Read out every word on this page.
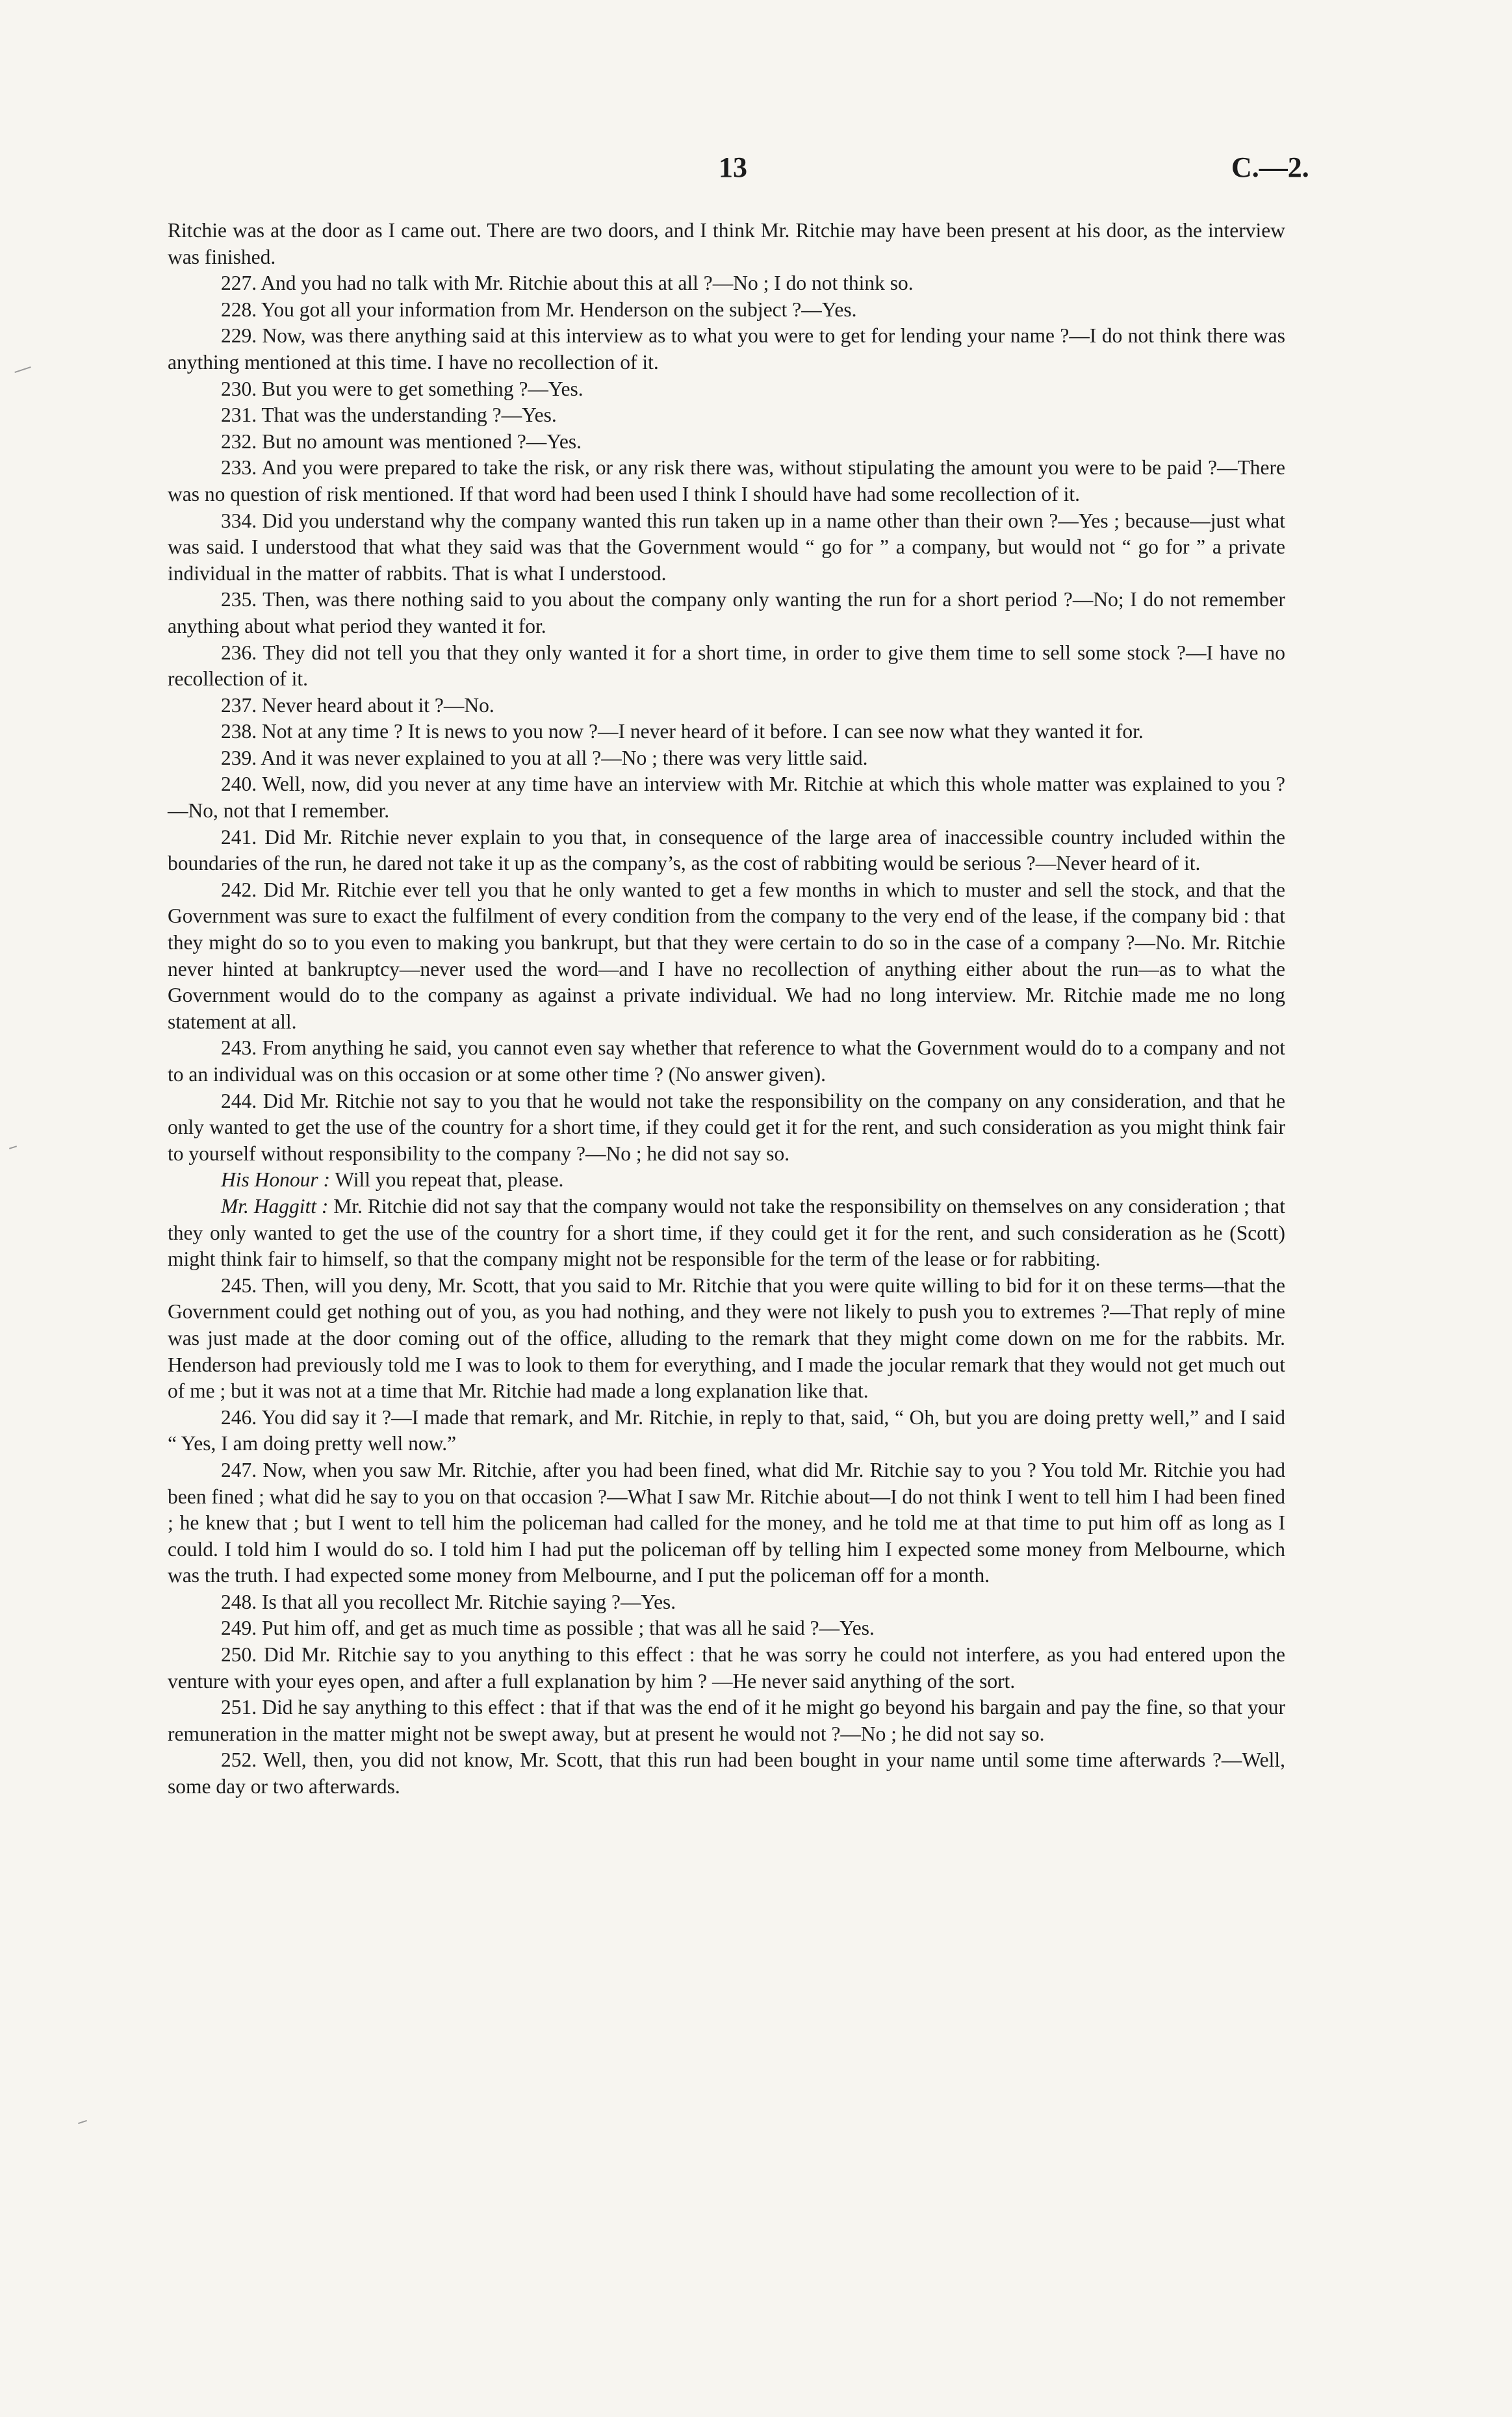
13	C.—2.

Ritchie was at the door as I came out. There are two doors, and I think Mr. Ritchie may have been present at his door, as the interview was finished.

227. And you had no talk with Mr. Ritchie about this at all ?—No ; I do not think so.

228. You got all your information from Mr. Henderson on the subject ?—Yes.

229. Now, was there anything said at this interview as to what you were to get for lending your name ?—I do not think there was anything mentioned at this time. I have no recollection of it.

230. But you were to get something ?—Yes.

231. That was the understanding ?—Yes.

232. But no amount was mentioned ?—Yes.

233. And you were prepared to take the risk, or any risk there was, without stipulating the amount you were to be paid ?—There was no question of risk mentioned. If that word had been used I think I should have had some recollection of it.

334. Did you understand why the company wanted this run taken up in a name other than their own ?—Yes ; because—just what was said. I understood that what they said was that the Government would “ go for ” a company, but would not “ go for ” a private individual in the matter of rabbits. That is what I understood.

235. Then, was there nothing said to you about the company only wanting the run for a short period ?—No; I do not remember anything about what period they wanted it for.

236. They did not tell you that they only wanted it for a short time, in order to give them time to sell some stock ?—I have no recollection of it.

237. Never heard about it ?—No.

238. Not at any time ? It is news to you now ?—I never heard of it before. I can see now what they wanted it for.

239. And it was never explained to you at all ?—No ; there was very little said.

240. Well, now, did you never at any time have an interview with Mr. Ritchie at which this whole matter was explained to you ?—No, not that I remember.

241. Did Mr. Ritchie never explain to you that, in consequence of the large area of inaccessible country included within the boundaries of the run, he dared not take it up as the company’s, as the cost of rabbiting would be serious ?—Never heard of it.

242. Did Mr. Ritchie ever tell you that he only wanted to get a few months in which to muster and sell the stock, and that the Government was sure to exact the fulfilment of every condition from the company to the very end of the lease, if the company bid : that they might do so to you even to making you bankrupt, but that they were certain to do so in the case of a company ?—No. Mr. Ritchie never hinted at bankruptcy—never used the word—and I have no recollection of anything either about the run—as to what the Government would do to the company as against a private individual. We had no long interview. Mr. Ritchie made me no long statement at all.

243. From anything he said, you cannot even say whether that reference to what the Government would do to a company and not to an individual was on this occasion or at some other time ? (No answer given).

244. Did Mr. Ritchie not say to you that he would not take the responsibility on the company on any consideration, and that he only wanted to get the use of the country for a short time, if they could get it for the rent, and such consideration as you might think fair to yourself without responsibility to the company ?—No ; he did not say so.

His Honour : Will you repeat that, please.

Mr. Haggitt : Mr. Ritchie did not say that the company would not take the responsibility on themselves on any consideration ; that they only wanted to get the use of the country for a short time, if they could get it for the rent, and such consideration as he (Scott) might think fair to himself, so that the company might not be responsible for the term of the lease or for rabbiting.

245. Then, will you deny, Mr. Scott, that you said to Mr. Ritchie that you were quite willing to bid for it on these terms—that the Government could get nothing out of you, as you had nothing, and they were not likely to push you to extremes ?—That reply of mine was just made at the door coming out of the office, alluding to the remark that they might come down on me for the rabbits. Mr. Henderson had previously told me I was to look to them for everything, and I made the jocular remark that they would not get much out of me ; but it was not at a time that Mr. Ritchie had made a long explanation like that.

246. You did say it ?—I made that remark, and Mr. Ritchie, in reply to that, said, “ Oh, but you are doing pretty well,” and I said “ Yes, I am doing pretty well now.”

247. Now, when you saw Mr. Ritchie, after you had been fined, what did Mr. Ritchie say to you ? You told Mr. Ritchie you had been fined ; what did he say to you on that occasion ?—What I saw Mr. Ritchie about—I do not think I went to tell him I had been fined ; he knew that ; but I went to tell him the policeman had called for the money, and he told me at that time to put him off as long as I could. I told him I would do so. I told him I had put the policeman off by telling him I expected some money from Melbourne, which was the truth. I had expected some money from Melbourne, and I put the policeman off for a month.

248. Is that all you recollect Mr. Ritchie saying ?—Yes.

249. Put him off, and get as much time as possible ; that was all he said ?—Yes.

250. Did Mr. Ritchie say to you anything to this effect : that he was sorry he could not interfere, as you had entered upon the venture with your eyes open, and after a full explanation by him ? —He never said anything of the sort.

251. Did he say anything to this effect : that if that was the end of it he might go beyond his bargain and pay the fine, so that your remuneration in the matter might not be swept away, but at present he would not ?—No ; he did not say so.

252. Well, then, you did not know, Mr. Scott, that this run had been bought in your name until some time afterwards ?—Well, some day or two afterwards.
